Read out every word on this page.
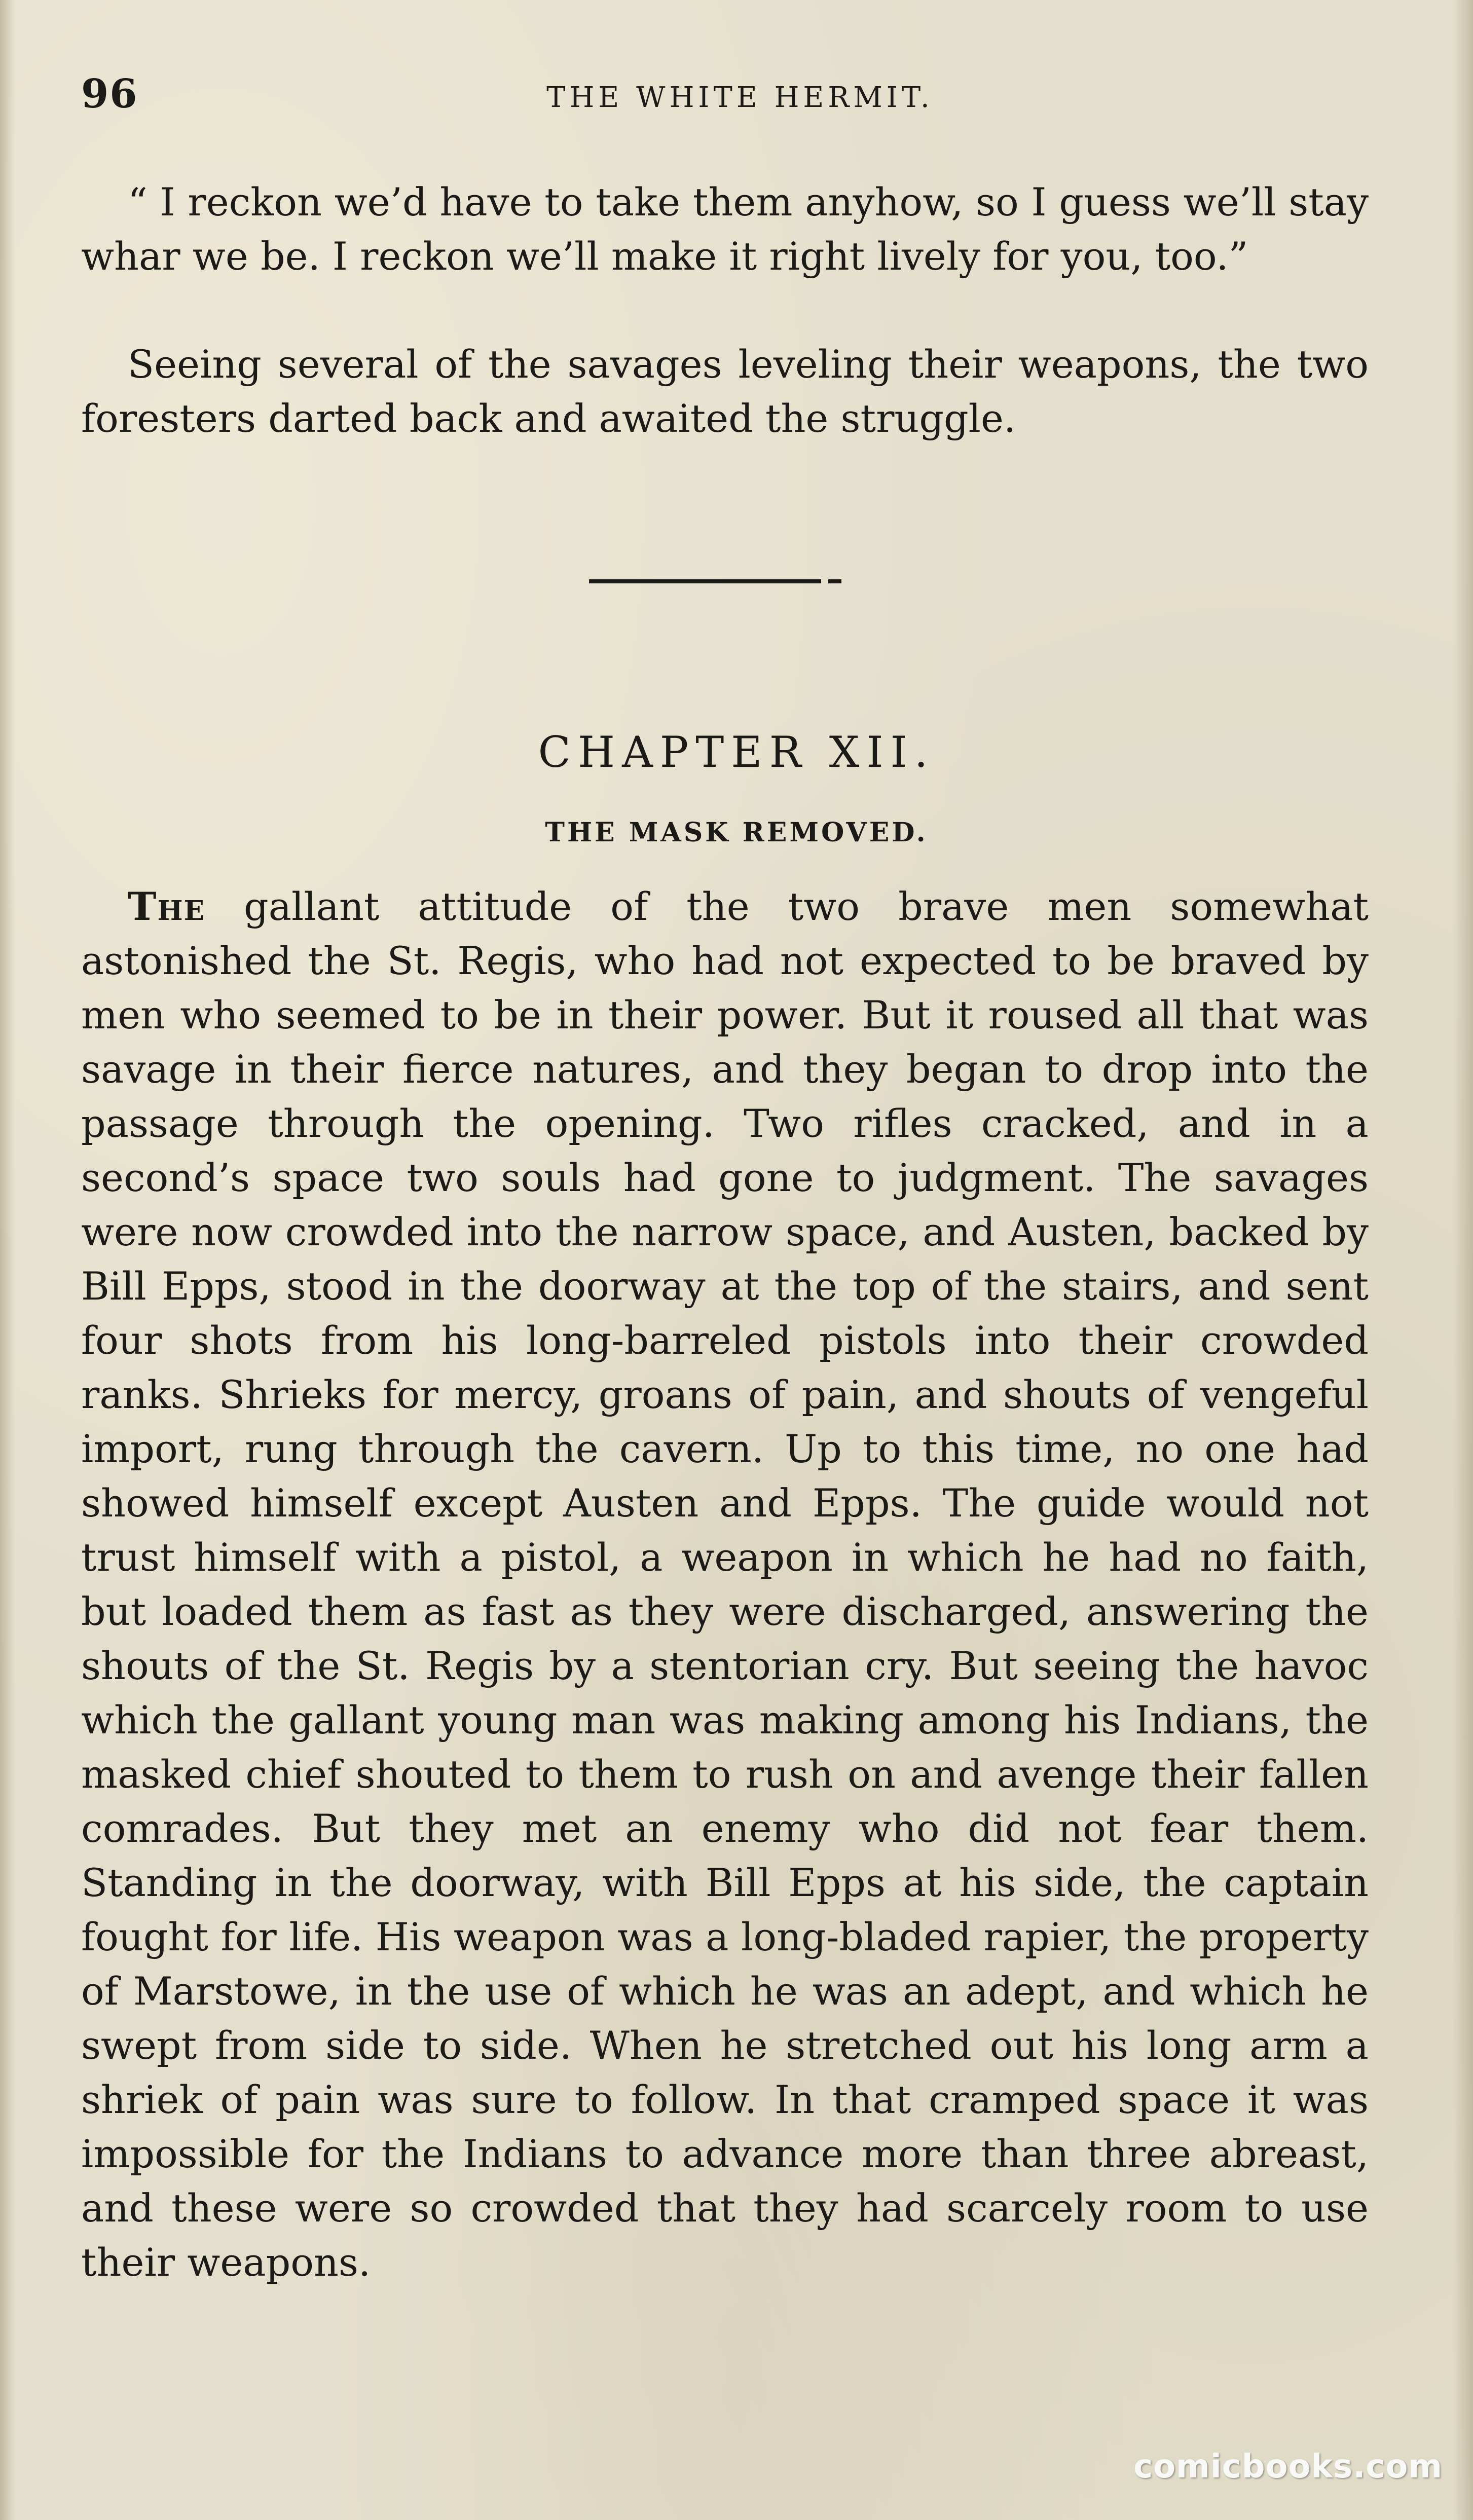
96	THE WHITE HERMIT.

“ I reckon we’d have to take them anyhow, so I guess we’ll stay whar we be. I reckon we’ll make it right lively for you, too.”

Seeing several of the savages leveling their weapons, the two foresters darted back and awaited the struggle.

CHAPTER XII.
THE MASK REMOVED.

The gallant attitude of the two brave men somewhat astonished the St. Regis, who had not expected to be braved by men who seemed to be in their power. But it roused all that was savage in their fierce natures, and they began to drop into the passage through the opening. Two rifles cracked, and in a second’s space two souls had gone to judgment. The savages were now crowded into the narrow space, and Austen, backed by Bill Epps, stood in the doorway at the top of the stairs, and sent four shots from his long-barreled pistols into their crowded ranks. Shrieks for mercy, groans of pain, and shouts of vengeful import, rung through the cavern. Up to this time, no one had showed himself except Austen and Epps. The guide would not trust himself with a pistol, a weapon in which he had no faith, but loaded them as fast as they were discharged, answering the shouts of the St. Regis by a stentorian cry. But seeing the havoc which the gallant young man was making among his Indians, the masked chief shouted to them to rush on and avenge their fallen comrades. But they met an enemy who did not fear them. Standing in the doorway, with Bill Epps at his side, the captain fought for life. His weapon was a long-bladed rapier, the property of Marstowe, in the use of which he was an adept, and which he swept from side to side. When he stretched out his long arm a shriek of pain was sure to follow. In that cramped space it was impossible for the Indians to advance more than three abreast, and these were so crowded that they had scarcely room to use their weapons.

comicbooks.com
